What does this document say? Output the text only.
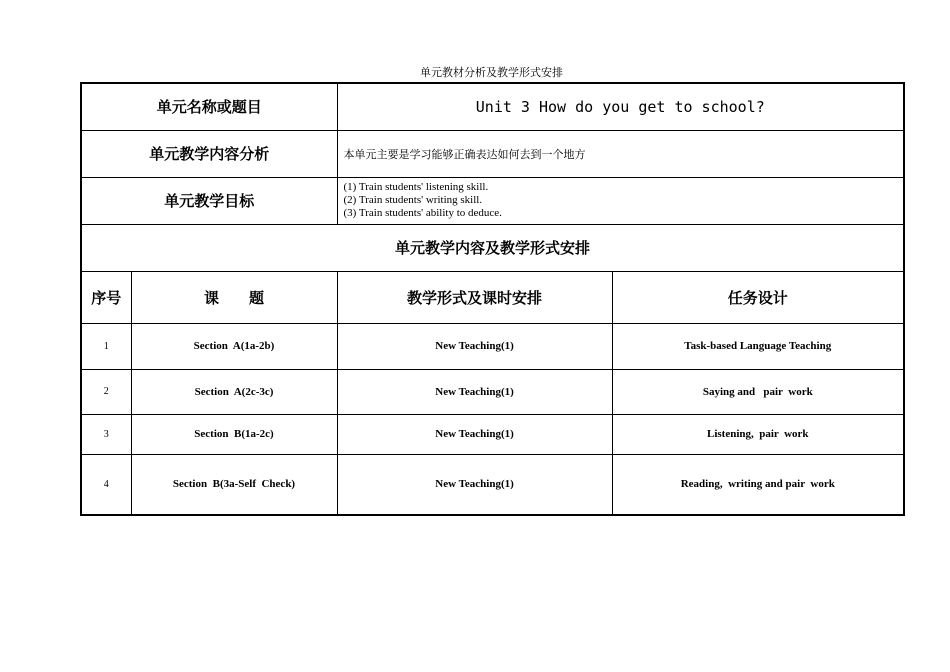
单元教材分析及教学形式安排
单元名称或题目		Unit 3 How do you get to school?	
单元教学内容分析		本单元主要是学习能够正确表达如何去到一个地方	
单元教学目标		(1) Train students' listening skill.
(2) Train students' writing skill.
(3) Train students' ability to deduce.	

单元教学内容及教学形式安排			
序号	课　　题	教学形式及课时安排	任务设计
1	Section  A(1a-2b)	New Teaching(1)	Task-based Language Teaching
2	Section  A(2c-3c)	New Teaching(1)	Saying and   pair  work
3	Section  B(1a-2c)	New Teaching(1)	Listening,  pair  work
4	Section  B(3a-Self  Check)	New Teaching(1)	Reading,  writing and pair  work
